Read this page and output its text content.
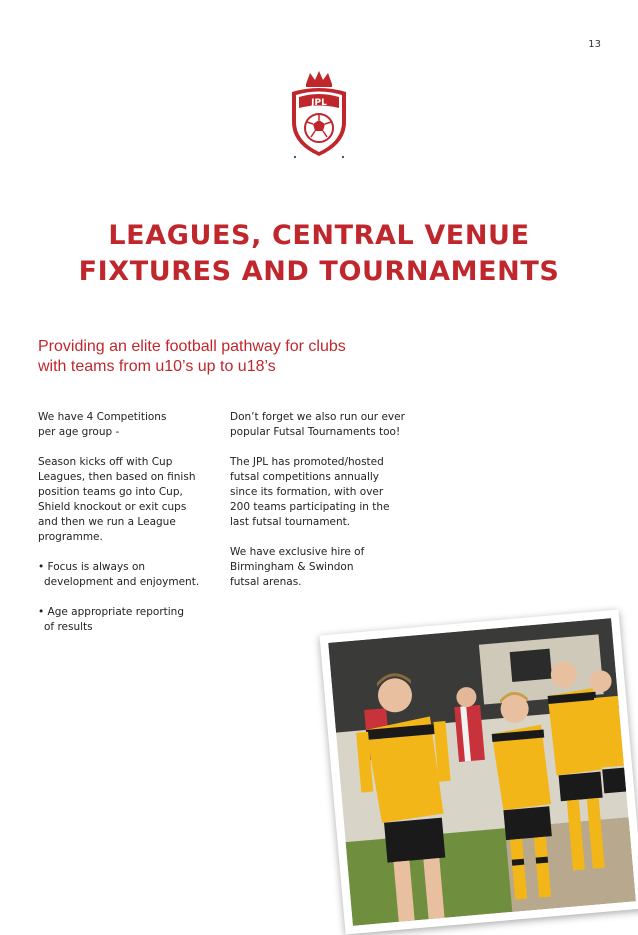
13
JPL
LEAGUES, CENTRAL VENUE
FIXTURES AND TOURNAMENTS
Providing an elite football pathway for clubs
with teams from u10’s up to u18’s

We have 4 Competitions
per age group -

Season kicks off with Cup
Leagues, then based on finish
position teams go into Cup,
Shield knockout or exit cups
and then we run a League
programme.

• Focus is always on
development and enjoyment.

• Age appropriate reporting
of results

Don’t forget we also run our ever
popular Futsal Tournaments too!

The JPL has promoted/hosted
futsal competitions annually
since its formation, with over
200 teams participating in the
last futsal tournament.

We have exclusive hire of
Birmingham & Swindon
futsal arenas.
